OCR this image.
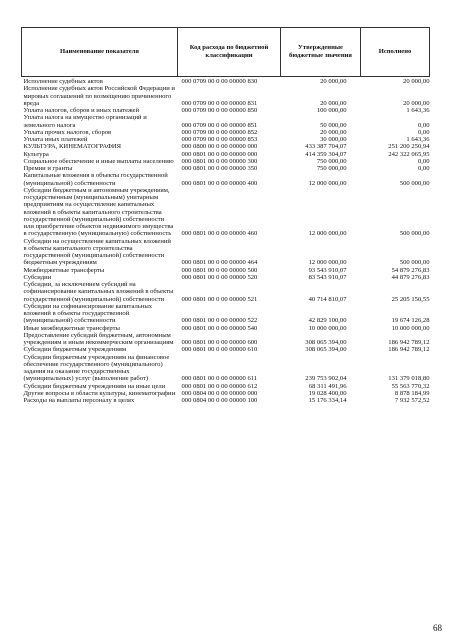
Наименование показателя	Код расхода по бюджетной классификации	Утвержденные бюджетные значения	Исполнено
Исполнение судебных актов	000 0709 00 0 00 00000 830	20 000,00	20 000,00
Исполнение судебных актов Российской Федерации и мировых соглашений по возмещению причиненного вреда	000 0709 00 0 00 00000 831	20 000,00	20 000,00
Уплата налогов, сборов и иных платежей	000 0709 00 0 00 00000 850	100 000,00	1 643,36
Уплата налога на имущество организаций и земельного налога	000 0709 00 0 00 00000 851	50 000,00	0,00
Уплата прочих налогов, сборов	000 0709 00 0 00 00000 852	20 000,00	0,00
Уплата иных платежей	000 0709 00 0 00 00000 853	30 000,00	1 643,36
КУЛЬТУРА, КИНЕМАТОГРАФИЯ	000 0800 00 0 00 00000 000	433 387 704,07	251 200 250,94
Культура	000 0801 00 0 00 00000 000	414 359 304,07	242 322 065,95
Социальное обеспечение и иные выплаты населению	000 0801 00 0 00 00000 300	750 000,00	0,00
Премии и гранты	000 0801 00 0 00 00000 350	750 000,00	0,00
Капитальные вложения в объекты государственной (муниципальной) собственности	000 0801 00 0 00 00000 400	12 000 000,00	500 000,00
Субсидии бюджетным и автономным учреждениям, государственным (муниципальным) унитарным предприятиям на осуществление капитальных вложений в объекты капитального строительства государственной (муниципальной) собственности или приобретение объектов недвижимого имущества в государственную (муниципальную) собственность	000 0801 00 0 00 00000 460	12 000 000,00	500 000,00
Субсидии на осуществление капитальных вложений в объекты капитального строительства государственной (муниципальной) собственности бюджетным учреждениям	000 0801 00 0 00 00000 464	12 000 000,00	500 000,00
Межбюджетные трансферты	000 0801 00 0 00 00000 500	93 543 910,07	54 879 276,83
Субсидии	000 0801 00 0 00 00000 520	83 543 910,07	44 879 276,83
Субсидии, за исключением субсидий на софинансирование капитальных вложений в объекты государственной (муниципальной) собственности	000 0801 00 0 00 00000 521	40 714 810,07	25 205 150,55
Субсидии на софинансирование капитальных вложений в объекты государственной (муниципальной) собственности	000 0801 00 0 00 00000 522	42 829 100,00	19 674 126,28
Иные межбюджетные трансферты	000 0801 00 0 00 00000 540	10 000 000,00	10 000 000,00
Предоставление субсидий бюджетным, автономным учреждениям и иным некоммерческим организациям	000 0801 00 0 00 00000 600	308 065 394,00	186 942 789,12
Субсидии бюджетным учреждениям	000 0801 00 0 00 00000 610	308 065 394,00	186 942 789,12
Субсидии бюджетным учреждениям на финансовое обеспечение государственного (муниципального) задания на оказание государственных (муниципальных) услуг (выполнение работ)	000 0801 00 0 00 00000 611	239 753 902,04	131 379 018,80
Субсидии бюджетным учреждениям на иные цели	000 0801 00 0 00 00000 612	68 311 491,96	55 563 770,32
Другие вопросы в области культуры, кинематографии	000 0804 00 0 00 00000 000	19 028 400,00	8 878 184,99
Расходы на выплаты персоналу в целях	000 0804 00 0 00 00000 100	15 176 334,14	7 932 572,52
68
